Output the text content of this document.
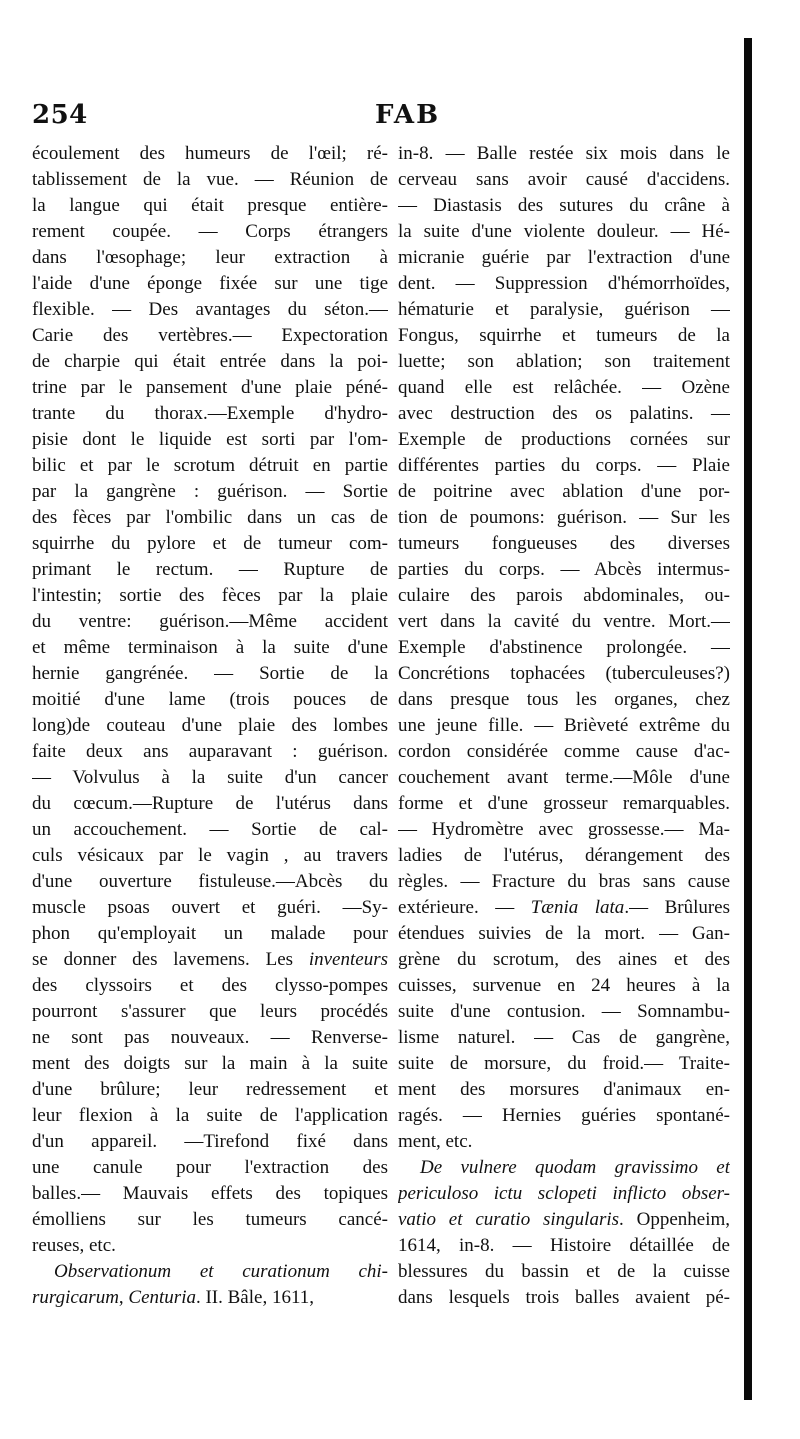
254	FAB
écoulement des humeurs de l'œil; ré-
tablissement de la vue. — Réunion de
la langue qui était presque entière-
rement coupée. — Corps étrangers
dans l'œsophage; leur extraction à
l'aide d'une éponge fixée sur une tige
flexible. — Des avantages du séton.—
Carie des vertèbres.— Expectoration
de charpie qui était entrée dans la poi-
trine par le pansement d'une plaie péné-
trante du thorax.—Exemple d'hydro-
pisie dont le liquide est sorti par l'om-
bilic et par le scrotum détruit en partie
par la gangrène : guérison. — Sortie
des fèces par l'ombilic dans un cas de
squirrhe du pylore et de tumeur com-
primant le rectum. — Rupture de
l'intestin; sortie des fèces par la plaie
du ventre: guérison.—Même accident
et même terminaison à la suite d'une
hernie gangrénée. — Sortie de la
moitié d'une lame (trois pouces de
long)de couteau d'une plaie des lombes
faite deux ans auparavant : guérison.
— Volvulus à la suite d'un cancer
du cœcum.—Rupture de l'utérus dans
un accouchement. — Sortie de cal-
culs vésicaux par le vagin , au travers
d'une ouverture fistuleuse.—Abcès du
muscle psoas ouvert et guéri. —Sy-
phon qu'employait un malade pour
se donner des lavemens. Les inventeurs
des clyssoirs et des clysso-pompes
pourront s'assurer que leurs procédés
ne sont pas nouveaux. — Renverse-
ment des doigts sur la main à la suite
d'une brûlure; leur redressement et
leur flexion à la suite de l'application
d'un appareil. —Tirefond fixé dans
une canule pour l'extraction des
balles.— Mauvais effets des topiques
émolliens sur les tumeurs cancé-
reuses, etc.
Observationum et curationum chi-
rurgicarum, Centuria. II. Bâle, 1611,
in-8. — Balle restée six mois dans le
cerveau sans avoir causé d'accidens.
— Diastasis des sutures du crâne à
la suite d'une violente douleur. — Hé-
micranie guérie par l'extraction d'une
dent. — Suppression d'hémorrhoïdes,
hématurie et paralysie, guérison —
Fongus, squirrhe et tumeurs de la
luette; son ablation; son traitement
quand elle est relâchée. — Ozène
avec destruction des os palatins. —
Exemple de productions cornées sur
différentes parties du corps. — Plaie
de poitrine avec ablation d'une por-
tion de poumons: guérison. — Sur les
tumeurs fongueuses des diverses
parties du corps. — Abcès intermus-
culaire des parois abdominales, ou-
vert dans la cavité du ventre. Mort.—
Exemple d'abstinence prolongée. —
Concrétions tophacées (tuberculeuses?)
dans presque tous les organes, chez
une jeune fille. — Brièveté extrême du
cordon considérée comme cause d'ac-
couchement avant terme.—Môle d'une
forme et d'une grosseur remarquables.
— Hydromètre avec grossesse.— Ma-
ladies de l'utérus, dérangement des
règles. — Fracture du bras sans cause
extérieure. — Tænia lata.— Brûlures
étendues suivies de la mort. — Gan-
grène du scrotum, des aines et des
cuisses, survenue en 24 heures à la
suite d'une contusion. — Somnambu-
lisme naturel. — Cas de gangrène,
suite de morsure, du froid.— Traite-
ment des morsures d'animaux en-
ragés. — Hernies guéries spontané-
ment, etc.
De vulnere quodam gravissimo et
periculoso ictu sclopeti inflicto obser-
vatio et curatio singularis. Oppenheim,
1614, in-8. — Histoire détaillée de
blessures du bassin et de la cuisse
dans lesquels trois balles avaient pé-
